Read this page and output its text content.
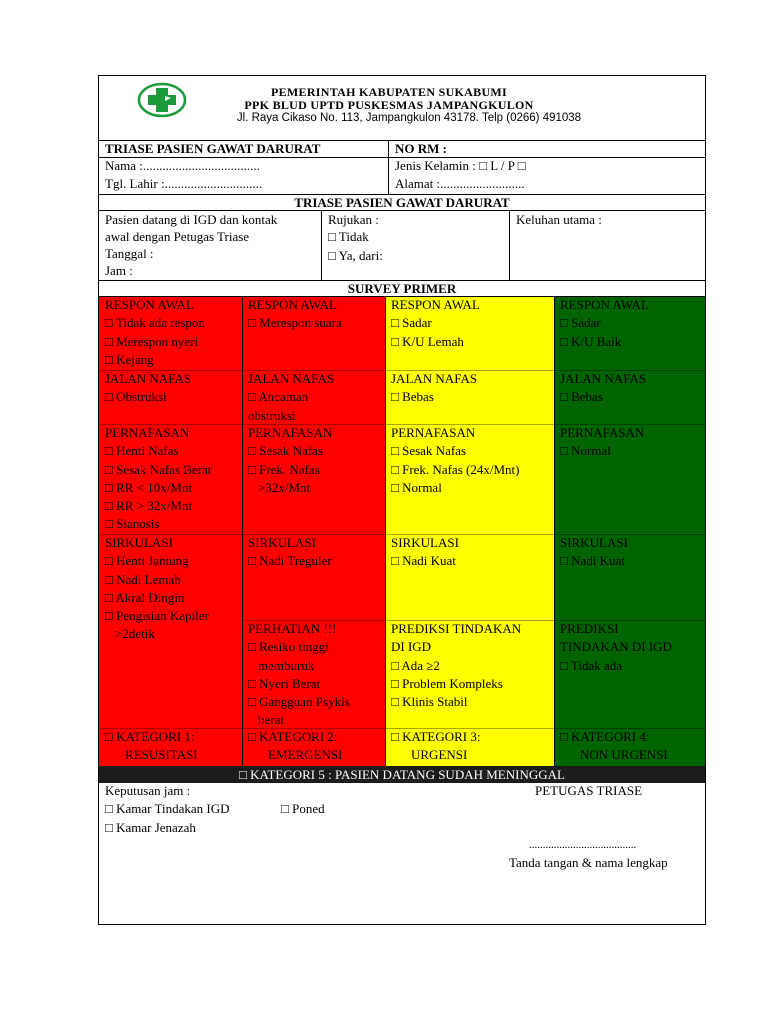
PEMERINTAH KABUPATEN SUKABUMI
PPK BLUD UPTD PUSKESMAS JAMPANGKULON
Jl. Raya Cikaso No. 113, Jampangkulon 43178. Telp (0266) 491038
TRIASE PASIEN GAWAT DARURAT	NO RM :
Nama :....................................
Tgl. Lahir :..............................
Jenis Kelamin : □ L / P □
Alamat :..........................
TRIASE PASIEN GAWAT DARURAT
Pasien datang di IGD dan kontak
awal dengan Petugas Triase
Tanggal :
Jam :
Rujukan :
□ Tidak
□ Ya, dari:
Keluhan utama :
SURVEY PRIMER
RESPON AWAL
□ Tidak ada respon
□ Merespon nyeri
□ Kejang
JALAN NAFAS
□ Obstruksi
PERNAFASAN
□ Henti Nafas
□ Sesak Nafas Berat
□ RR < 10x/Mnt
□ RR > 32x/Mnt
□ Sianosis
SIRKULASI
□ Henti Jantung
□ Nadi Lemah
□ Akral Dingin
□ Pengisian Kapiler
>2detik
□ KATEGORI 1:
RESUSITASI
RESPON AWAL
□ Merespon suara
JALAN NAFAS
□ Ancaman
obstruksi
PERNAFASAN
□ Sesak Nafas
□ Frek. Nafas
>32x/Mnt
SIRKULASI
□ Nadi Treguler
PERHATIAN !!!
□ Resiko tinggi
memburuk
□ Nyeri Berat
□ Gangguan Psykis
berat
□ KATEGORI 2:
EMERGENSI
RESPON AWAL
□ Sadar
□ K/U Lemah
JALAN NAFAS
□ Bebas
PERNAFASAN
□ Sesak Nafas
□ Frek. Nafas (24x/Mnt)
□ Normal
SIRKULASI
□ Nadi Kuat
PREDIKSI TINDAKAN
DI IGD
□ Ada ≥2
□ Problem Kompleks
□ Klinis Stabil
□ KATEGORI 3:
URGENSI
RESPON AWAL
□ Sadar
□ K/U Baik
JALAN NAFAS
□ Bebas
PERNAFASAN
□ Normal
SIRKULASI
□ Nadi Kuat
PREDIKSI
TINDAKAN DI IGD
□ Tidak ada
□ KATEGORI 4:
NON URGENSI
□ KATEGORI 5 : PASIEN DATANG SUDAH MENINGGAL
Keputusan jam :
□ Kamar Tindakan IGD	□ Poned
□ Kamar Jenazah
PETUGAS TRIASE
.......................................
Tanda tangan & nama lengkap
